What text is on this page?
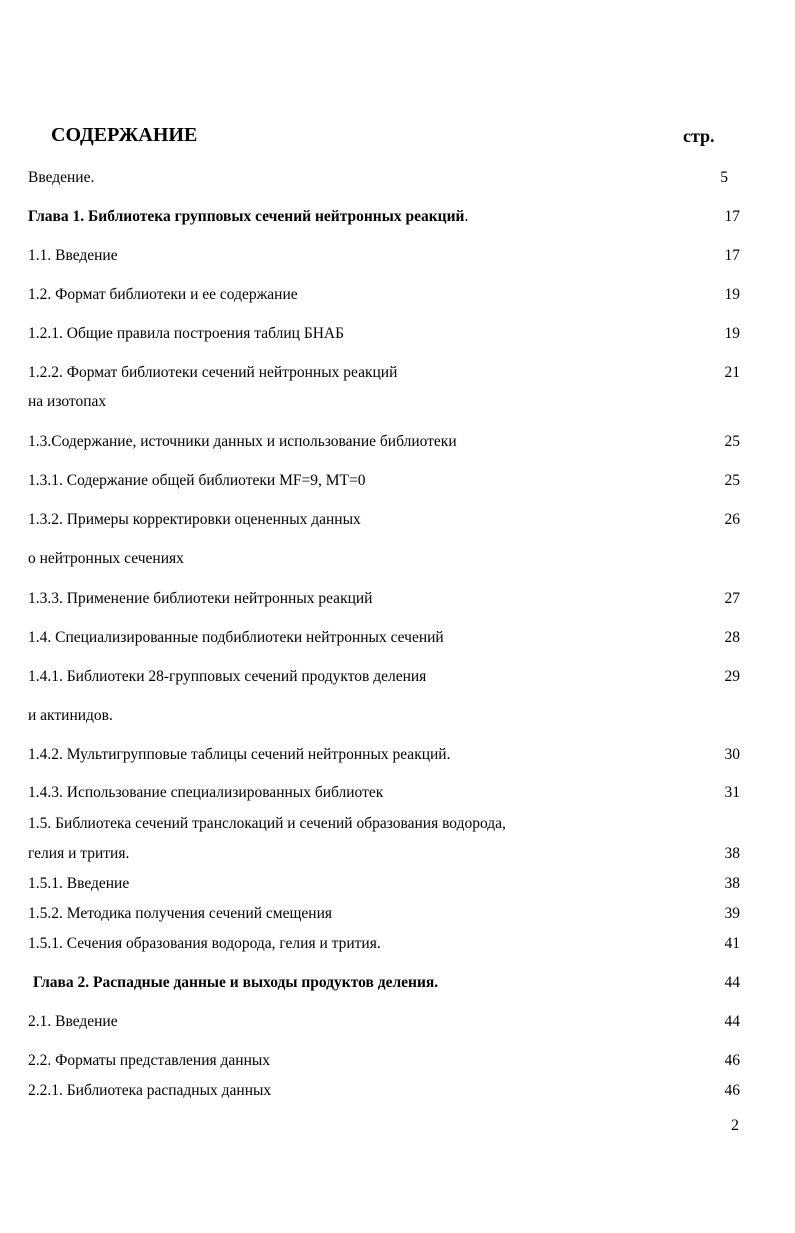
СОДЕРЖАНИЕ	стр.
Введение.	5
Глава 1. Библиотека групповых сечений нейтронных реакций.	17
1.1. Введение	17
1.2. Формат библиотеки и ее содержание	19
1.2.1. Общие правила построения таблиц БНАБ	19
1.2.2. Формат библиотеки сечений нейтронных реакций	21
на изотопах
1.3.Содержание, источники данных и использование библиотеки	25
1.3.1. Содержание общей библиотеки MF=9, MT=0	25
1.3.2. Примеры корректировки оцененных данных	26
о нейтронных сечениях
1.3.3. Применение библиотеки нейтронных реакций	27
1.4. Специализированные подбиблиотеки нейтронных сечений	28
1.4.1. Библиотеки 28-групповых сечений продуктов деления	29
и актинидов.
1.4.2. Мультигрупповые таблицы сечений нейтронных реакций.	30
1.4.3. Использование специализированных библиотек	31
1.5. Библиотека сечений транслокаций и сечений образования водорода,
гелия и трития.	38
1.5.1. Введение	38
1.5.2. Методика получения сечений смещения	39
1.5.1. Сечения образования водорода, гелия и трития.	41
Глава 2. Распадные данные и выходы продуктов деления.	44
2.1. Введение	44
2.2. Форматы представления данных	46
2.2.1. Библиотека распадных данных	46
2
